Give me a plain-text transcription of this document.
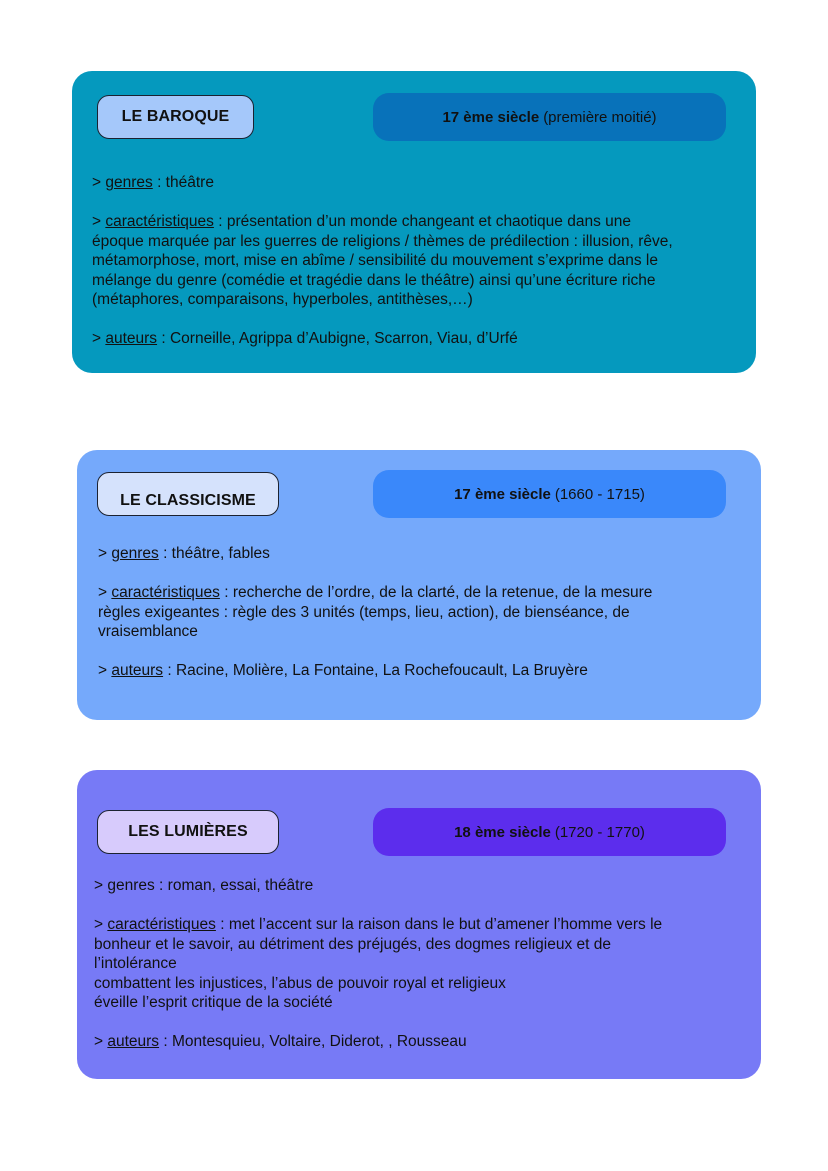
LE BAROQUE	17 ème siècle (première moitié)

> genres : théâtre

> caractéristiques : présentation d’un monde changeant et chaotique dans une

époque marquée par les guerres de religions / thèmes de prédilection : illusion, rêve,

métamorphose, mort, mise en abîme / sensibilité du mouvement s’exprime dans le

mélange du genre (comédie et tragédie dans le théâtre) ainsi qu’une écriture riche

(métaphores, comparaisons, hyperboles, antithèses,…)

> auteurs : Corneille, Agrippa d’Aubigne, Scarron, Viau, d’Urfé

LE CLASSICISME	17 ème siècle (1660 - 1715)

> genres : théâtre, fables

> caractéristiques : recherche de l’ordre, de la clarté, de la retenue, de la mesure

règles exigeantes : règle des 3 unités (temps, lieu, action), de bienséance, de

vraisemblance

> auteurs : Racine, Molière, La Fontaine, La Rochefoucault, La Bruyère

LES LUMIÈRES	18 ème siècle (1720 - 1770)

> genres : roman, essai, théâtre

> caractéristiques : met l’accent sur la raison dans le but d’amener l’homme vers le

bonheur et le savoir, au détriment des préjugés, des dogmes religieux et de

l’intolérance

combattent les injustices, l’abus de pouvoir royal et religieux

éveille l’esprit critique de la société

> auteurs : Montesquieu, Voltaire, Diderot, , Rousseau
